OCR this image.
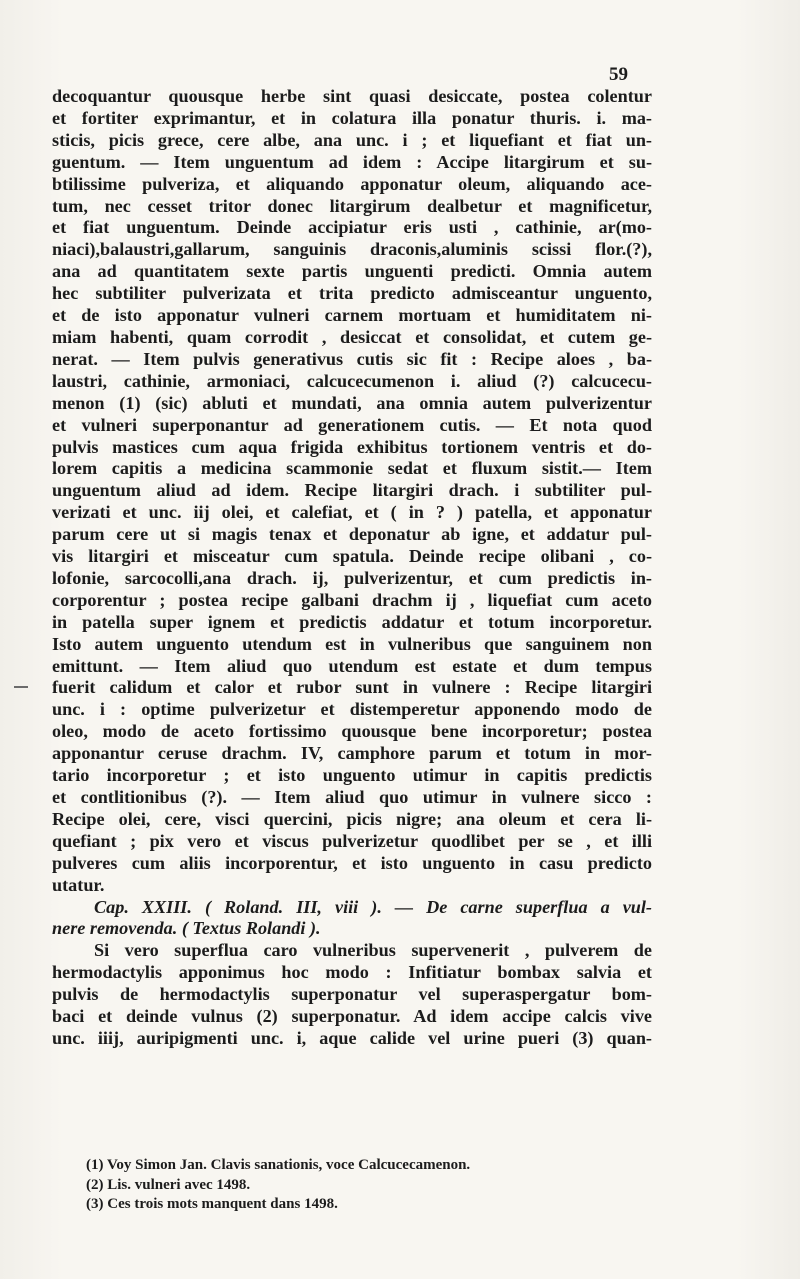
59
decoquantur quousque herbe sint quasi desiccate, postea colentur
et fortiter exprimantur, et in colatura illa ponatur thuris. i. ma-
sticis, picis grece, cere albe, ana unc. i ; et liquefiant et fiat un-
guentum. — Item unguentum ad idem : Accipe litargirum et su-
btilissime pulveriza, et aliquando apponatur oleum, aliquando ace-
tum, nec cesset tritor donec litargirum dealbetur et magnificetur,
et fiat unguentum. Deinde accipiatur eris usti , cathinie, ar(mo-
niaci),balaustri,gallarum, sanguinis draconis,aluminis scissi flor.(?),
ana ad quantitatem sexte partis unguenti predicti. Omnia autem
hec subtiliter pulverizata et trita predicto admisceantur unguento,
et de isto apponatur vulneri carnem mortuam et humiditatem ni-
miam habenti, quam corrodit , desiccat et consolidat, et cutem ge-
nerat. — Item pulvis generativus cutis sic fit : Recipe aloes , ba-
laustri, cathinie, armoniaci, calcucecumenon i. aliud (?) calcucecu-
menon (1) (sic) abluti et mundati, ana omnia autem pulverizentur
et vulneri superponantur ad generationem cutis. — Et nota quod
pulvis mastices cum aqua frigida exhibitus tortionem ventris et do-
lorem capitis a medicina scammonie sedat et fluxum sistit.— Item
unguentum aliud ad idem. Recipe litargiri drach. i subtiliter pul-
verizati et unc. iij olei, et calefiat, et ( in ? ) patella, et apponatur
parum cere ut si magis tenax et deponatur ab igne, et addatur pul-
vis litargiri et misceatur cum spatula. Deinde recipe olibani , co-
lofonie, sarcocolli,ana drach. ij, pulverizentur, et cum predictis in-
corporentur ; postea recipe galbani drachm ij , liquefiat cum aceto
in patella super ignem et predictis addatur et totum incorporetur.
Isto autem unguento utendum est in vulneribus que sanguinem non
emittunt. — Item aliud quo utendum est estate et dum tempus
fuerit calidum et calor et rubor sunt in vulnere : Recipe litargiri
unc. i : optime pulverizetur et distemperetur apponendo modo de
oleo, modo de aceto fortissimo quousque bene incorporetur; postea
apponantur ceruse drachm. IV, camphore parum et totum in mor-
tario incorporetur ; et isto unguento utimur in capitis predictis
et contlitionibus (?). — Item aliud quo utimur in vulnere sicco :
Recipe olei, cere, visci quercini, picis nigre; ana oleum et cera li-
quefiant ; pix vero et viscus pulverizetur quodlibet per se , et illi
pulveres cum aliis incorporentur, et isto unguento in casu predicto
utatur.
Cap. XXIII. ( Roland. III, viii ). — De carne superflua a vul-
nere removenda. ( Textus Rolandi ).
Si vero superflua caro vulneribus supervenerit , pulverem de
hermodactylis apponimus hoc modo : Infitiatur bombax salvia et
pulvis de hermodactylis superponatur vel superaspergatur bom-
baci et deinde vulnus (2) superponatur. Ad idem accipe calcis vive
unc. iiij, auripigmenti unc. i, aque calide vel urine pueri (3) quan-
(1) Voy Simon Jan. Clavis sanationis, voce Calcucecamenon.
(2) Lis. vulneri avec 1498.
(3) Ces trois mots manquent dans 1498.
